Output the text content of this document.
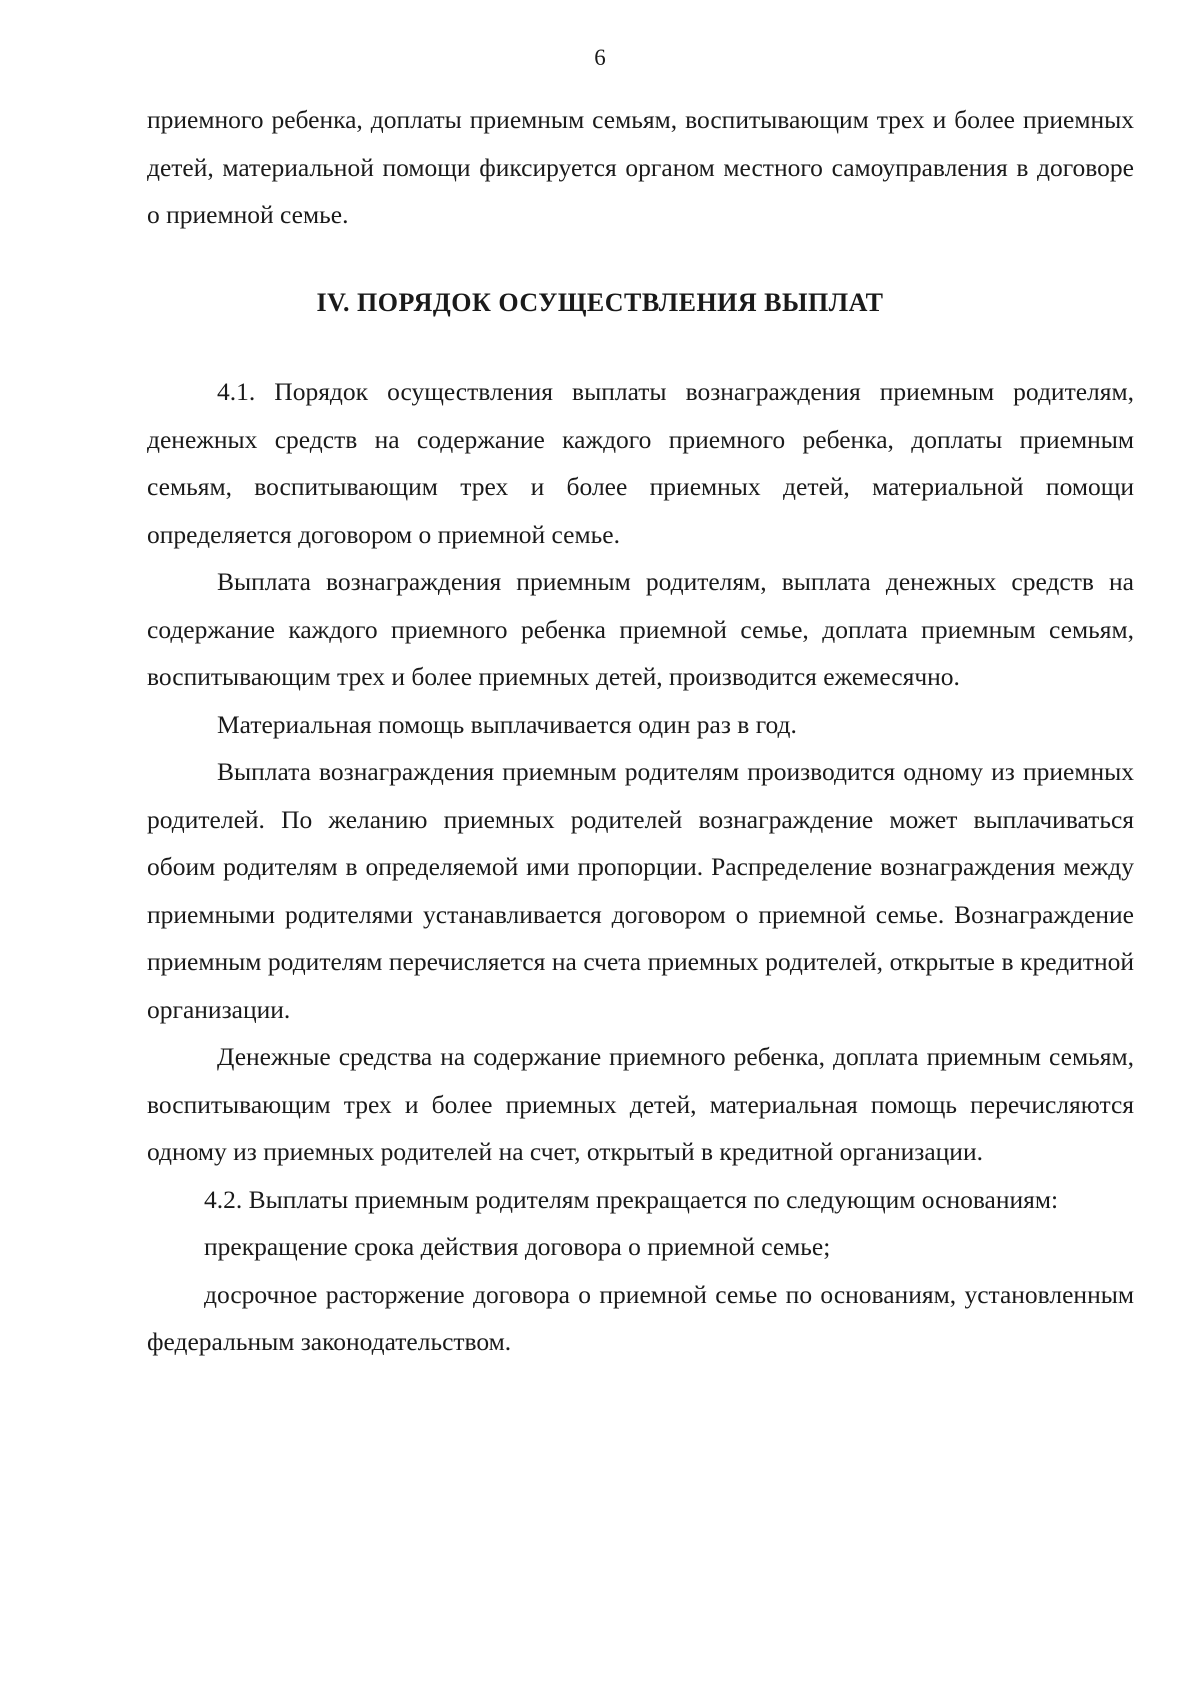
6

приемного ребенка, доплаты приемным семьям, воспитывающим трех и более приемных детей, материальной помощи фиксируется органом местного самоуправления в договоре о приемной семье.

IV. ПОРЯДОК ОСУЩЕСТВЛЕНИЯ ВЫПЛАТ

4.1. Порядок осуществления выплаты вознаграждения приемным родителям, денежных средств на содержание каждого приемного ребенка, доплаты приемным семьям, воспитывающим трех и более приемных детей, материальной помощи определяется договором о приемной семье.

Выплата вознаграждения приемным родителям, выплата денежных средств на содержание каждого приемного ребенка приемной семье, доплата приемным семьям, воспитывающим трех и более приемных детей, производится ежемесячно.

Материальная помощь выплачивается один раз в год.

Выплата вознаграждения приемным родителям производится одному из приемных родителей. По желанию приемных родителей вознаграждение может выплачиваться обоим родителям в определяемой ими пропорции. Распределение вознаграждения между приемными родителями устанавливается договором о приемной семье. Вознаграждение приемным родителям перечисляется на счета приемных родителей, открытые в кредитной организации.

Денежные средства на содержание приемного ребенка, доплата приемным семьям, воспитывающим трех и более приемных детей, материальная помощь перечисляются одному из приемных родителей на счет, открытый в кредитной организации.

4.2. Выплаты приемным родителям прекращается по следующим основаниям:

прекращение срока действия договора о приемной семье;

досрочное расторжение договора о приемной семье по основаниям, установленным федеральным законодательством.
